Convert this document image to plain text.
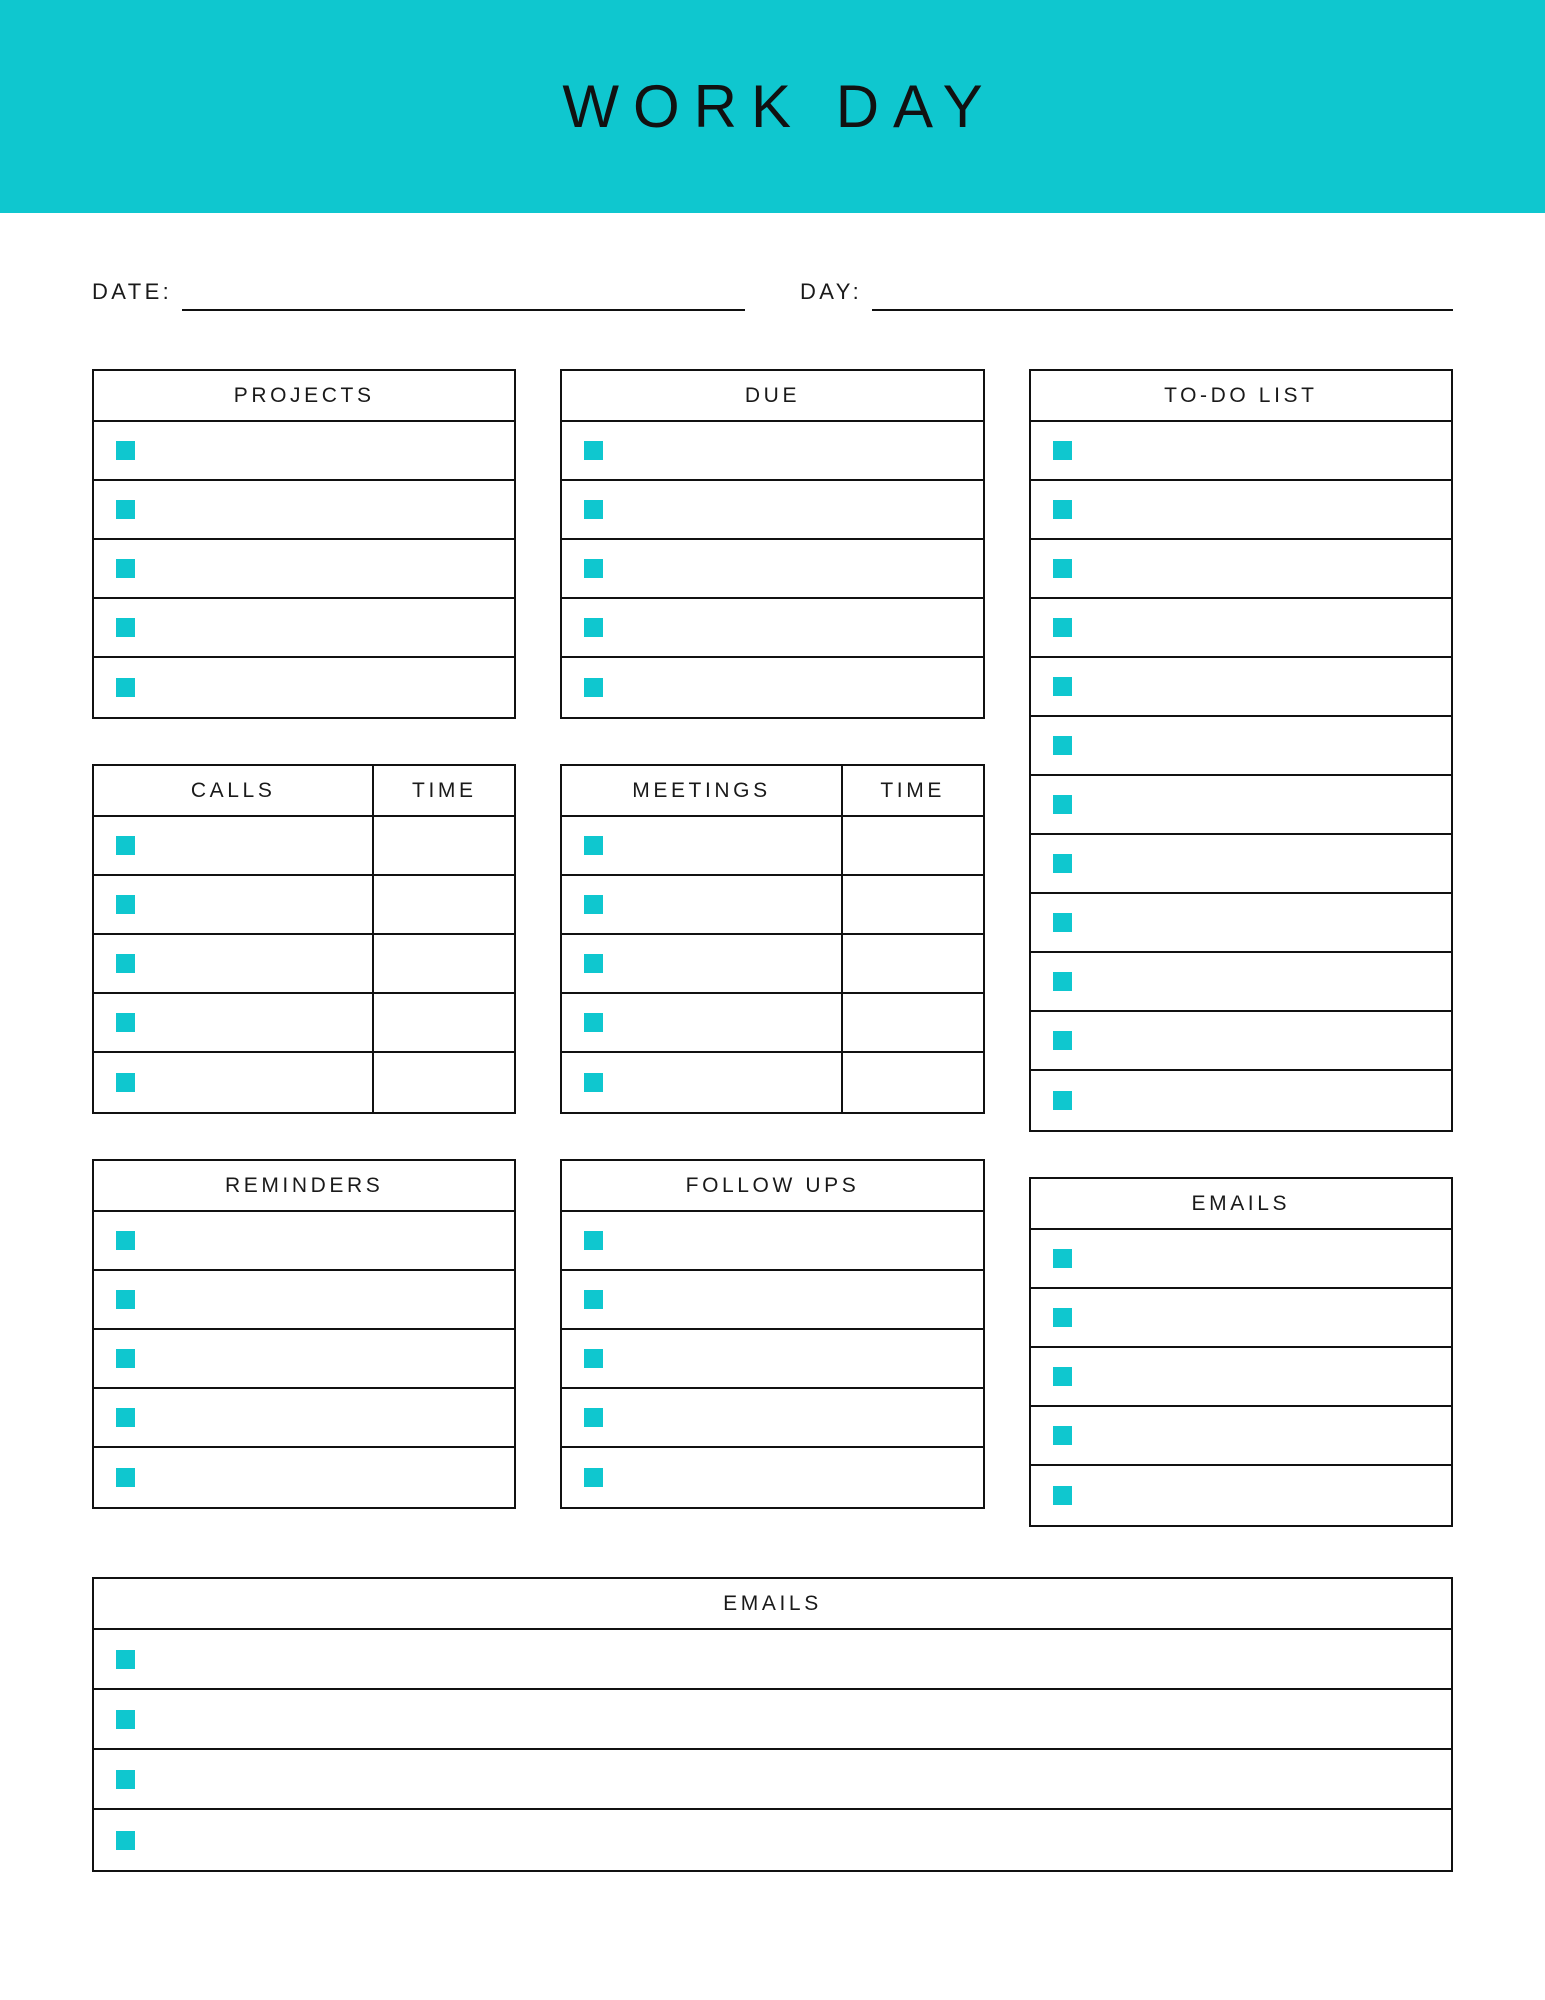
WORK DAY
DATE:	DAY:
PROJECTS
CALLS	TIME
REMINDERS
DUE
MEETINGS	TIME
FOLLOW UPS
TO-DO LIST
EMAILS
EMAILS
